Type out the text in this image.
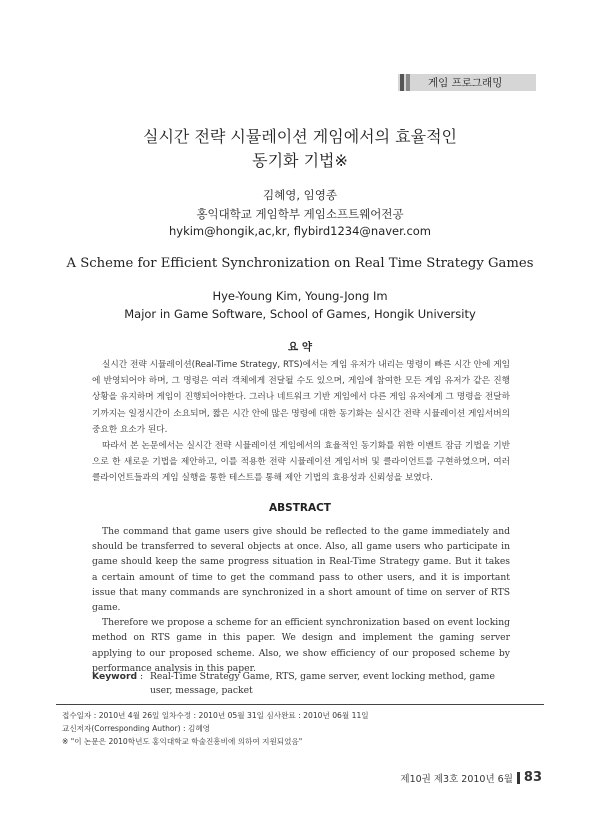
게임 프로그래밍
실시간 전략 시뮬레이션 게임에서의 효율적인
동기화 기법※
김혜영, 임영종
홍익대학교 게임학부 게임소프트웨어전공
hykim@hongik,ac,kr, flybird1234@naver.com
A Scheme for Efficient Synchronization on Real Time Strategy Games
Hye-Young Kim, Young-Jong Im
Major in Game Software, School of Games, Hongik University
요 약

실시간 전략 시뮬레이션(Real-Time Strategy, RTS)에서는 게임 유저가 내리는 명령이 빠른 시간 안에 게임에 반영되어야 하며, 그 명령은 여러 객체에게 전달될 수도 있으며, 게임에 참여한 모든 게임 유저가 같은 진행상황을 유지하며 게임이 진행되어야한다. 그러나 네트워크 기반 게임에서 다른 게임 유저에게 그 명령을 전달하기까지는 일정시간이 소요되며, 짧은 시간 안에 많은 명령에 대한 동기화는 실시간 전략 시뮬레이션 게임서버의 중요한 요소가 된다.

따라서 본 논문에서는 실시간 전략 시뮬레이션 게임에서의 효율적인 동기화를 위한 이벤트 잠금 기법을 기반으로 한 새로운 기법을 제안하고, 이를 적용한 전략 시뮬레이션 게임서버 및 클라이언트를 구현하였으며, 여러 클라이언트들과의 게임 실행을 통한 테스트를 통해 제안 기법의 효용성과 신뢰성을 보였다.

ABSTRACT

The command that game users give should be reflected to the game immediately and should be transferred to several objects at once. Also, all game users who participate in game should keep the same progress situation in Real-Time Strategy game. But it takes a certain amount of time to get the command pass to other users, and it is important issue that many commands are synchronized in a short amount of time on server of RTS game.

Therefore we propose a scheme for an efficient synchronization based on event locking method on RTS game in this paper. We design and implement the gaming server applying to our proposed scheme. Also, we show efficiency of our proposed scheme by performance analysis in this paper.

Keyword : Real-Time Strategy Game, RTS, game server, event locking method, game
user, message, packet
접수일자 : 2010년 4월 26일 일차수정 : 2010년 05월 31일 심사완료 : 2010년 06월 11일
교신저자(Corresponding Author) : 김혜영
※ "이 논문은 2010학년도 홍익대학교 학술진흥비에 의하여 지원되었음"
제10권 제3호 2010년 6월 83
